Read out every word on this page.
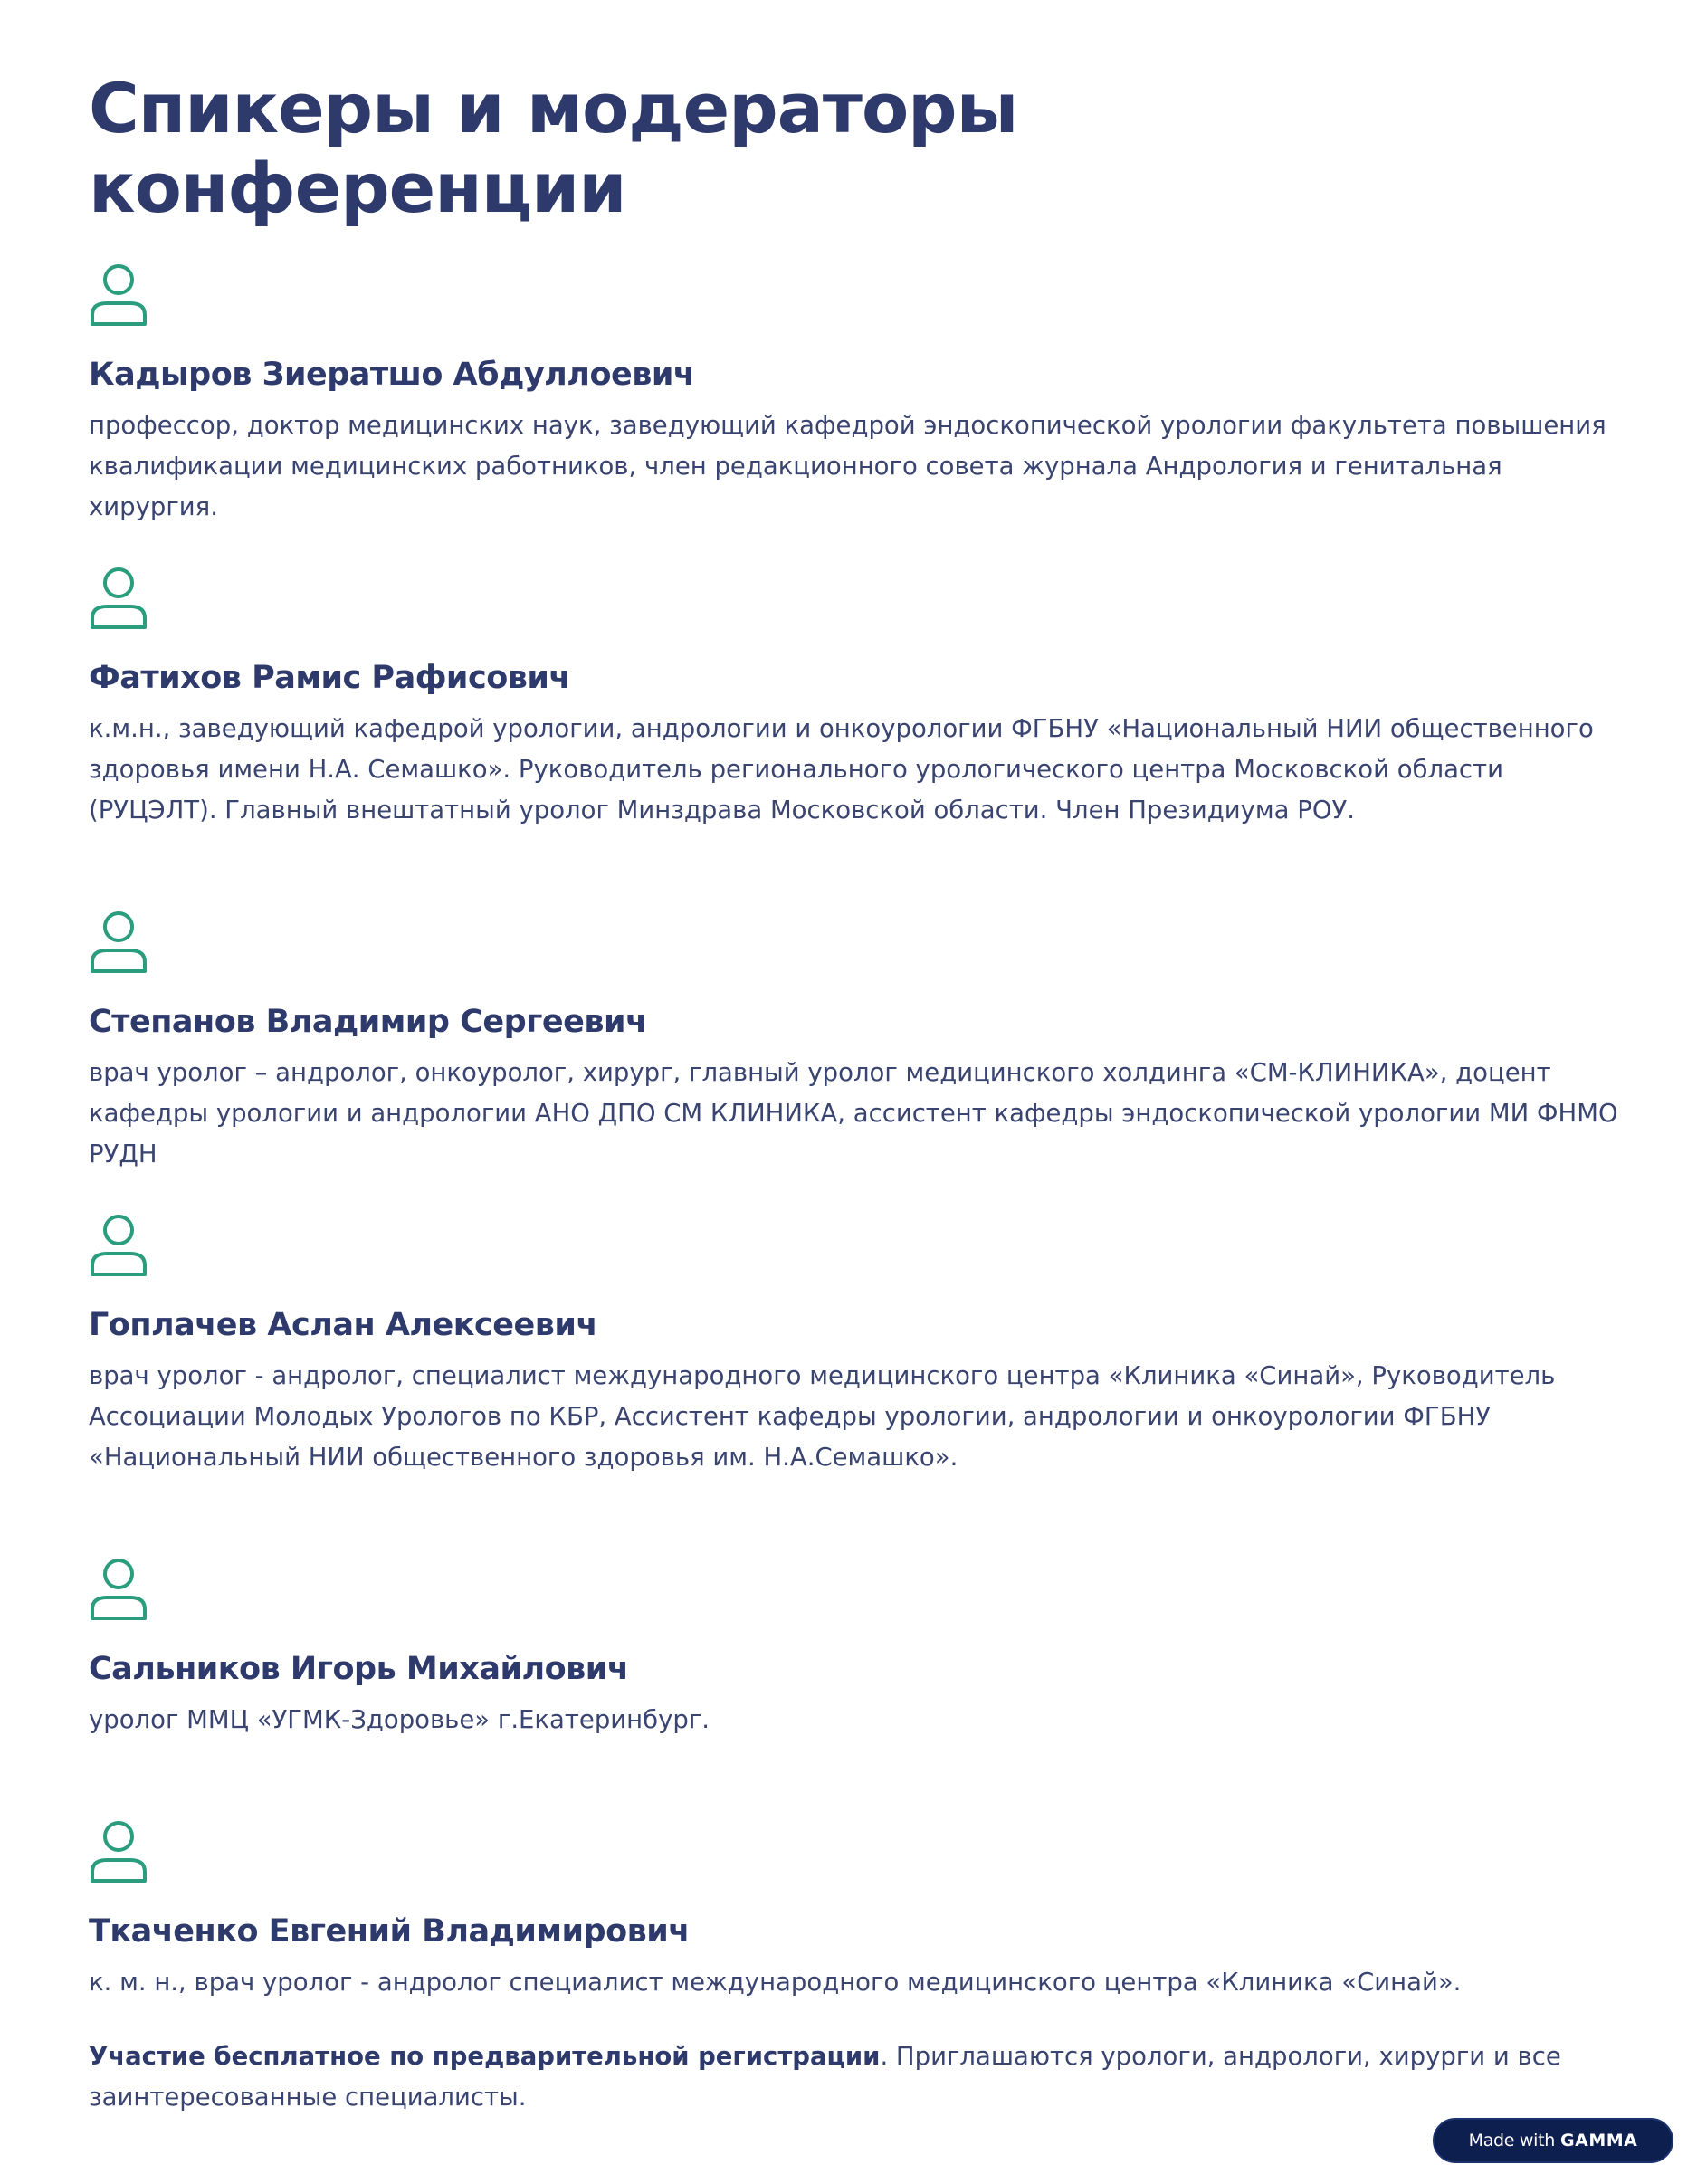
Спикеры и модераторы конференции
Кадыров Зиератшо Абдуллоевич

профессор, доктор медицинских наук, заведующий кафедрой эндоскопической урологии факультета повышения квалификации медицинских работников, член редакционного совета журнала Андрология и генитальная хирургия.

Фатихов Рамис Рафисович

к.м.н., заведующий кафедрой урологии, андрологии и онкоурологии ФГБНУ «Национальный НИИ общественного здоровья имени Н.А. Семашко». Руководитель регионального урологического центра Московской области (РУЦЭЛТ). Главный внештатный уролог Минздрава Московской области. Член Президиума РОУ.

Степанов Владимир Сергеевич

врач уролог – андролог, онкоуролог, хирург, главный уролог медицинского холдинга «СМ-КЛИНИКА», доцент кафедры урологии и андрологии АНО ДПО СМ КЛИНИКА, ассистент кафедры эндоскопической урологии МИ ФНМО РУДН

Гоплачев Аслан Алексеевич

врач уролог - андролог, специалист международного медицинского центра «Клиника «Синай», Руководитель Ассоциации Молодых Урологов по КБР, Ассистент кафедры урологии, андрологии и онкоурологии ФГБНУ «Национальный НИИ общественного здоровья им. Н.А.Семашко».

Сальников Игорь Михайлович

уролог ММЦ «УГМК-Здоровье» г.Екатеринбург.

Ткаченко Евгений Владимирович

к. м. н., врач уролог - андролог специалист международного медицинского центра «Клиника «Синай».

Участие бесплатное по предварительной регистрации. Приглашаются урологи, андрологи, хирурги и все заинтересованные специалисты.

Made with GAMMA
